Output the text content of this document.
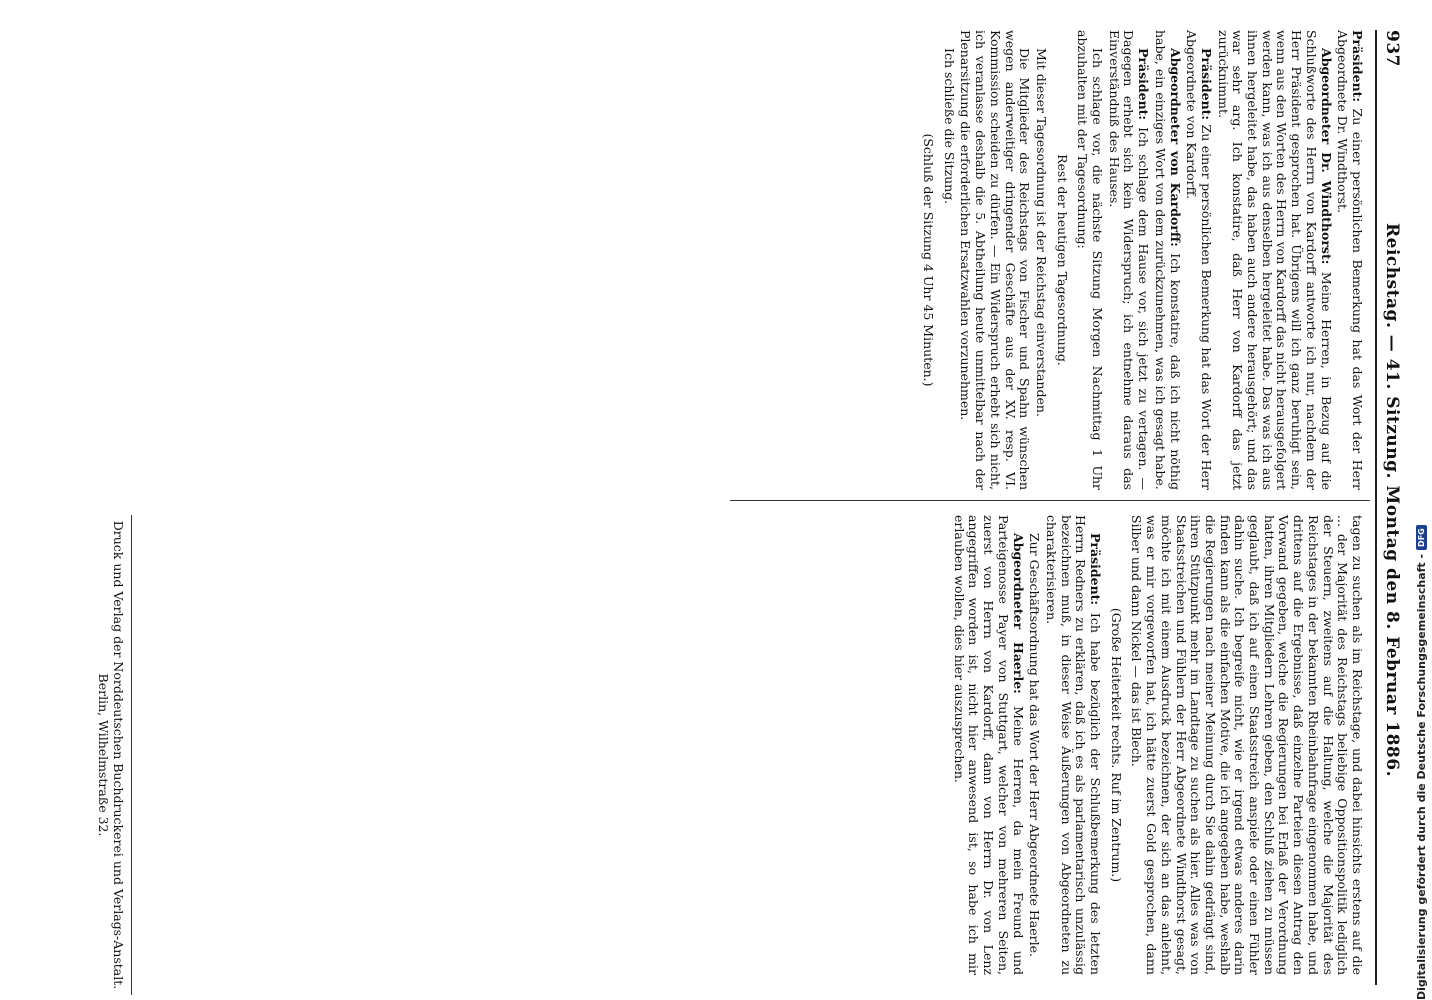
937
Reichstag. — 41. Sitzung. Montag den 8. Februar 1886.

Präsident: Zu einer persönlichen Bemerkung hat das Wort der Herr Abgeordnete Dr. Windthorst.

Abgeordneter Dr. Windthorst: Meine Herren, in Bezug auf die Schlußworte des Herrn von Kardorff antworte ich nur, nachdem der Herr Präsident gesprochen hat. Übrigens will ich ganz beruhigt sein, wenn aus den Worten des Herrn von Kardorff das nicht herausgefolgert werden kann, was ich aus denselben hergeleitet habe. Das was ich aus ihnen hergeleitet habe, das haben auch andere herausgehört; und das war sehr arg. Ich konstatire, daß Herr von Kardorff das jetzt zurücknimmt.

Präsident: Zu einer persönlichen Bemerkung hat das Wort der Herr Abgeordnete von Kardorff.

Abgeordneter von Kardorff: Ich konstatire, daß ich nicht nöthig habe, ein einziges Wort von dem zurückzunehmen, was ich gesagt habe.

Präsident: Ich schlage dem Hause vor, sich jetzt zu vertagen. — Dagegen erhebt sich kein Widerspruch; ich entnehme daraus das Einverständniß des Hauses.

Ich schlage vor, die nächste Sitzung Morgen Nachmittag 1 Uhr abzuhalten mit der Tagesordnung:

Rest der heutigen Tagesordnung.

Mit dieser Tagesordnung ist der Reichstag einverstanden.

Die Mitglieder des Reichstags von Fischer und Spahn wünschen wegen anderweitiger dringender Geschäfte aus der XV. resp. VI. Kommission scheiden zu dürfen. — Ein Widerspruch erhebt sich nicht, ich veranlasse deshalb die 5. Abtheilung heute unmittelbar nach der Plenarsitzung die erforderlichen Ersatzwahlen vorzunehmen.

Ich schließe die Sitzung.

(Schluß der Sitzung 4 Uhr 45 Minuten.)

tagen zu suchen als im Reichstage, und dabei hinsichts erstens auf die ... der Majorität des Reichstags beliebige Oppositionspolitik lediglich der Steuern, zweitens auf die Haltung, welche die Majorität des Reichstages in der bekannten Rheinbahnfrage eingenommen habe, und drittens auf die Ergebnisse, daß einzelne Parteien diesen Antrag den Vorwand gegeben, welche die Regierungen bei Erlaß der Verordnung hatten, ihren Mitgliedern Lehren geben, den Schluß ziehen zu müssen geglaubt, daß ich auf einen Staatsstreich anspiele oder einen Fühler dahin suche. Ich begreife nicht, wie er irgend etwas anderes darin finden kann als die einfachen Motive, die ich angegeben habe, weshalb die Regierungen nach meiner Meinung durch Sie dahin gedrängt sind, ihren Stützpunkt mehr im Landtage zu suchen als hier. Alles was von Staatsstreichen und Fühlern der Herr Abgeordnete Windthorst gesagt, möchte ich mit einem Ausdruck bezeichnen, der sich an das anlehnt, was er mir vorgeworfen hat, ich hätte zuerst Gold gesprochen, dann Silber und dann Nickel — das ist Blech.

(Große Heiterkeit rechts. Ruf im Zentrum.)

Präsident: Ich habe bezüglich der Schlußbemerkung des letzten Herrn Redners zu erklären, daß ich es als parlamentarisch unzulässig bezeichnen muß, in dieser Weise Äußerungen von Abgeordneten zu charakterisieren.

Zur Geschäftsordnung hat das Wort der Herr Abgeordnete Haerle.

Abgeordneter Haerle: Meine Herren, da mein Freund und Parteigenosse Payer von Stuttgart, welcher von mehreren Seiten, zuerst von Herrn von Kardorff, dann von Herrn Dr. von Lenz angegriffen worden ist, nicht hier anwesend ist, so habe ich mir erlauben wollen, dies hier auszusprechen.

Druck und Verlag der Norddeutschen Buchdruckerei und Verlags-Anstalt.
Berlin, Wilhelmstraße 32.	Digitalisierung gefördert durch die Deutsche Forschungsgemeinschaft -
DFG
